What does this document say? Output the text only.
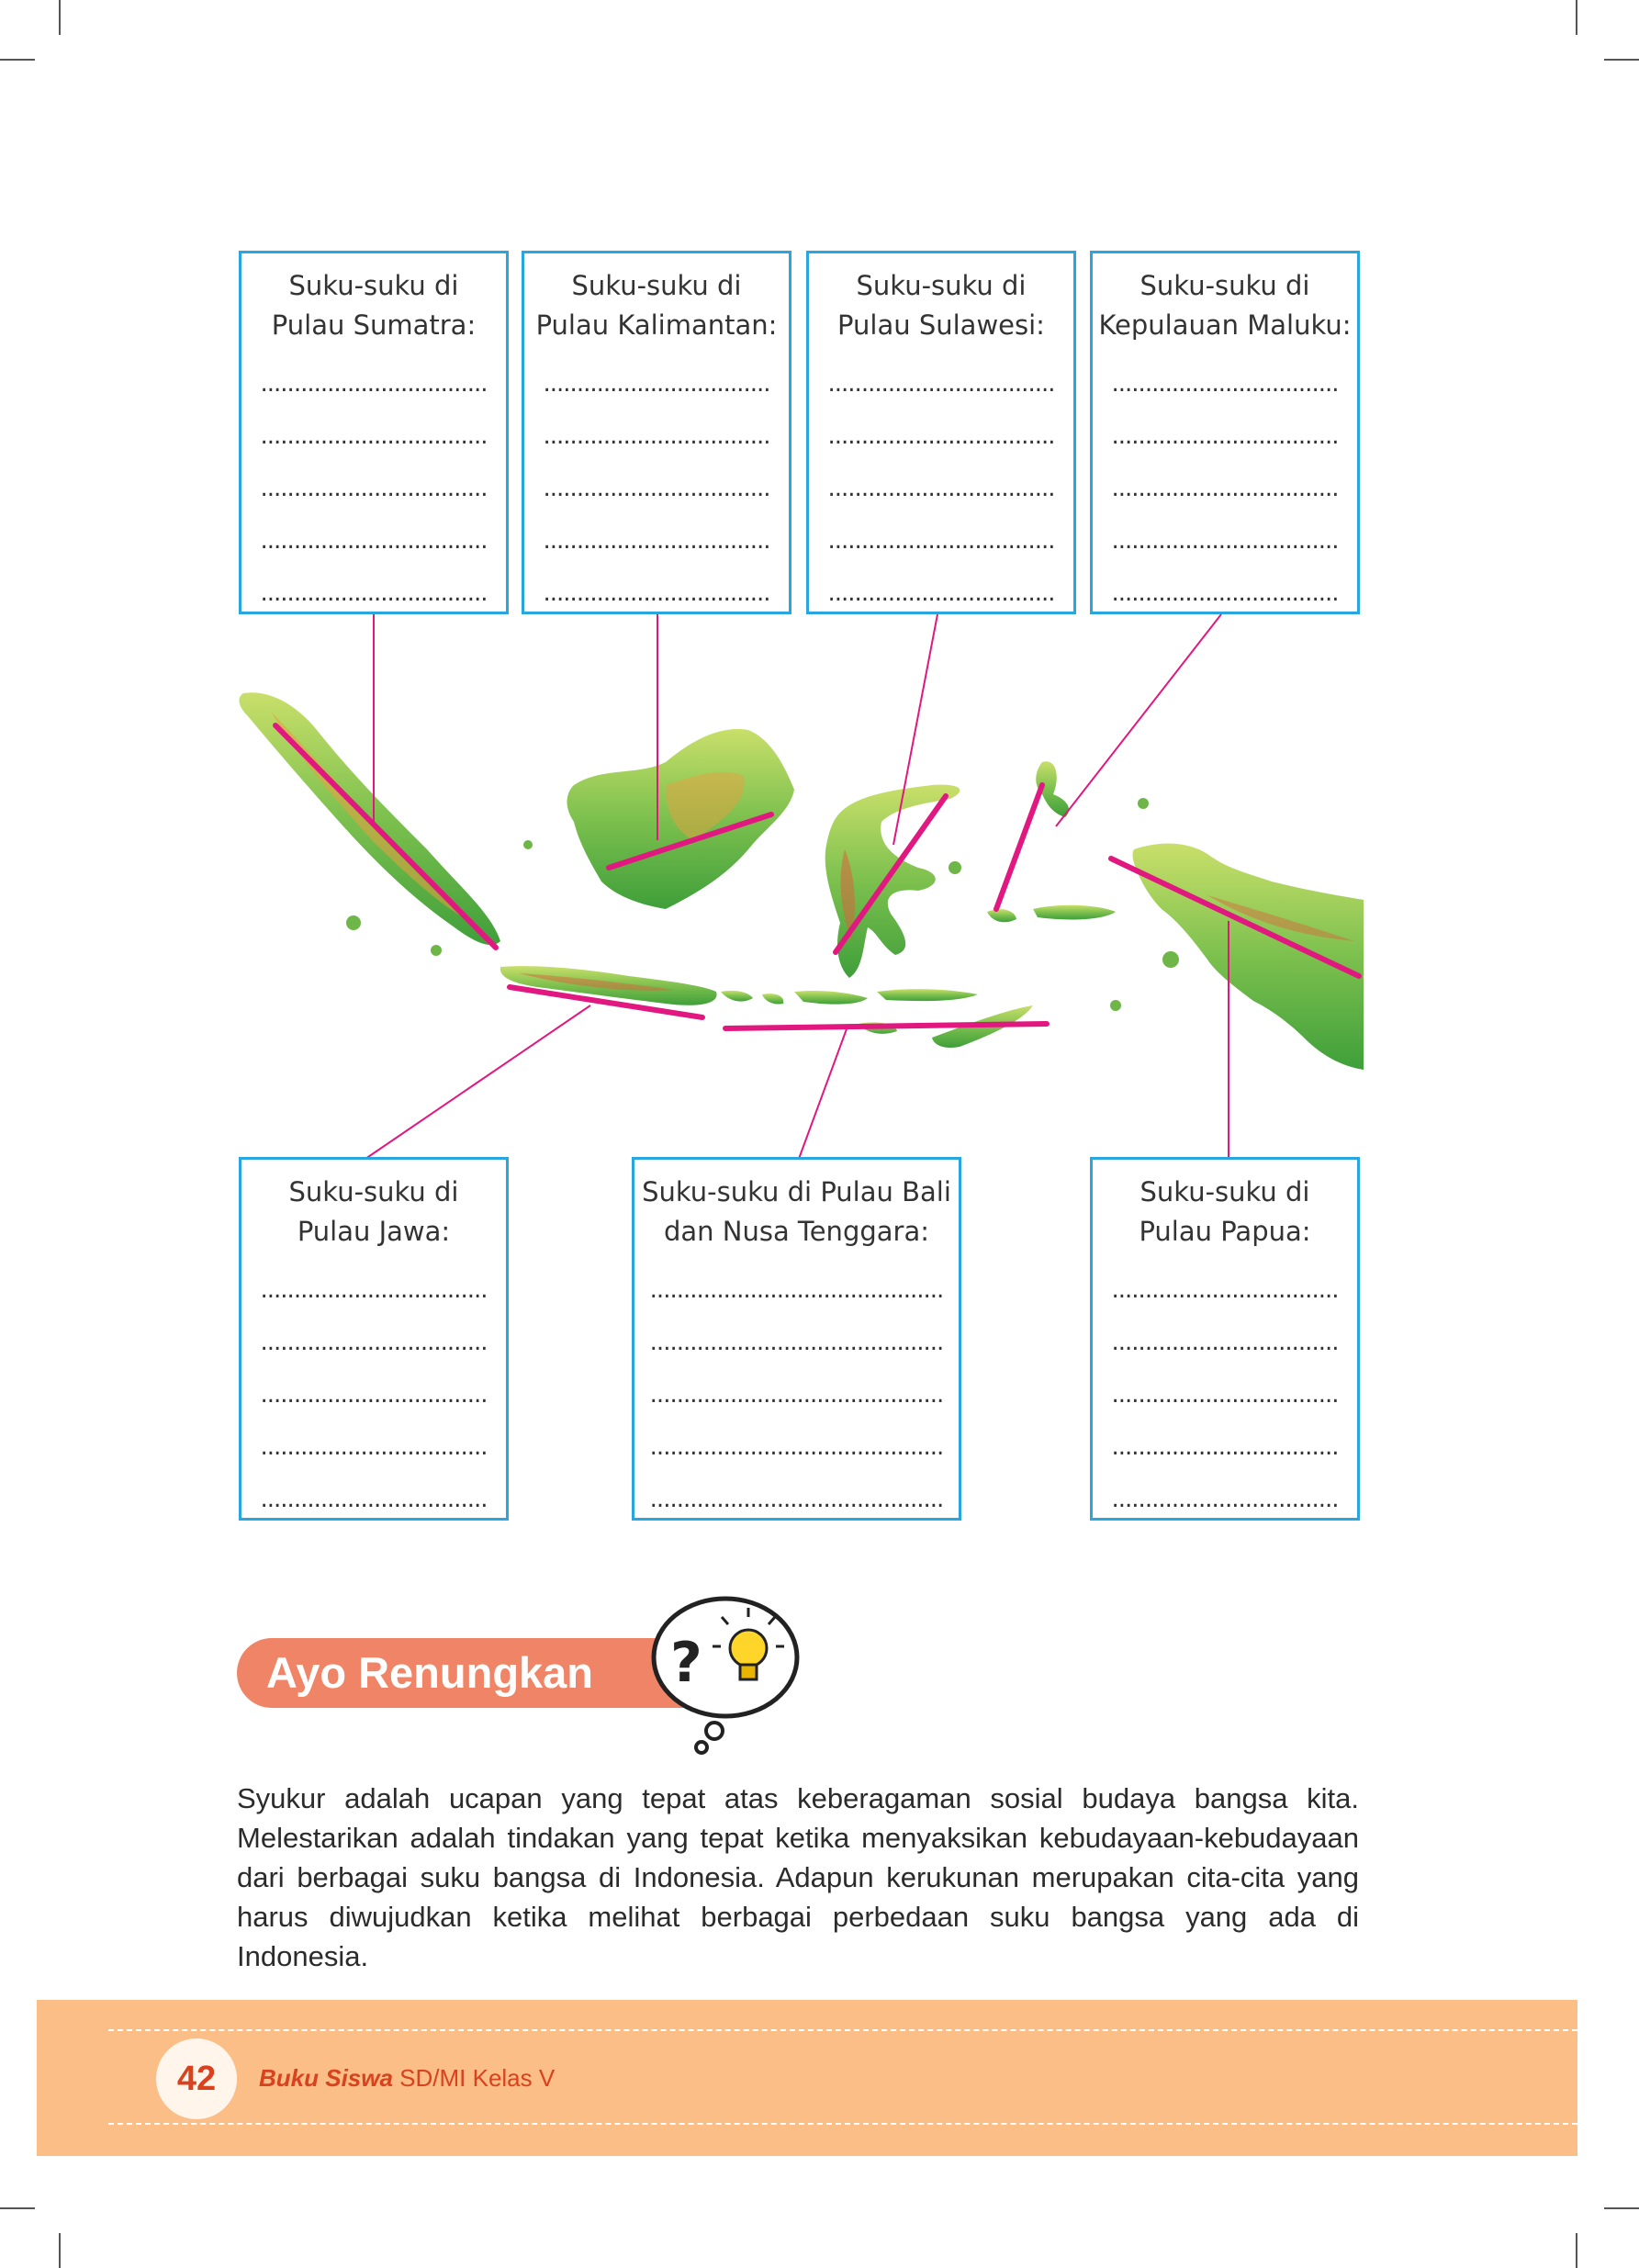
Suku-suku di
Pulau Sumatra:
..................................
..................................
..................................
..................................
..................................
Suku-suku di
Pulau Kalimantan:
..................................
..................................
..................................
..................................
..................................
Suku-suku di
Pulau Sulawesi:
..................................
..................................
..................................
..................................
..................................
Suku-suku di
Kepulauan Maluku:
..................................
..................................
..................................
..................................
..................................
Suku-suku di
Pulau Jawa:
..................................
..................................
..................................
..................................
..................................
Suku-suku di Pulau Bali
dan Nusa Tenggara:
............................................
............................................
............................................
............................................
............................................
Suku-suku di
Pulau Papua:
..................................
..................................
..................................
..................................
..................................
Ayo Renungkan ?
Syukur adalah ucapan yang tepat atas keberagaman sosial budaya bangsa kita. Melestarikan adalah tindakan yang tepat ketika menyaksikan kebudayaan-kebudayaan dari berbagai suku bangsa di Indonesia. Adapun kerukunan merupakan cita-cita yang harus diwujudkan ketika melihat berbagai perbedaan suku bangsa yang ada di Indonesia.
42	Buku Siswa SD/MI Kelas V
